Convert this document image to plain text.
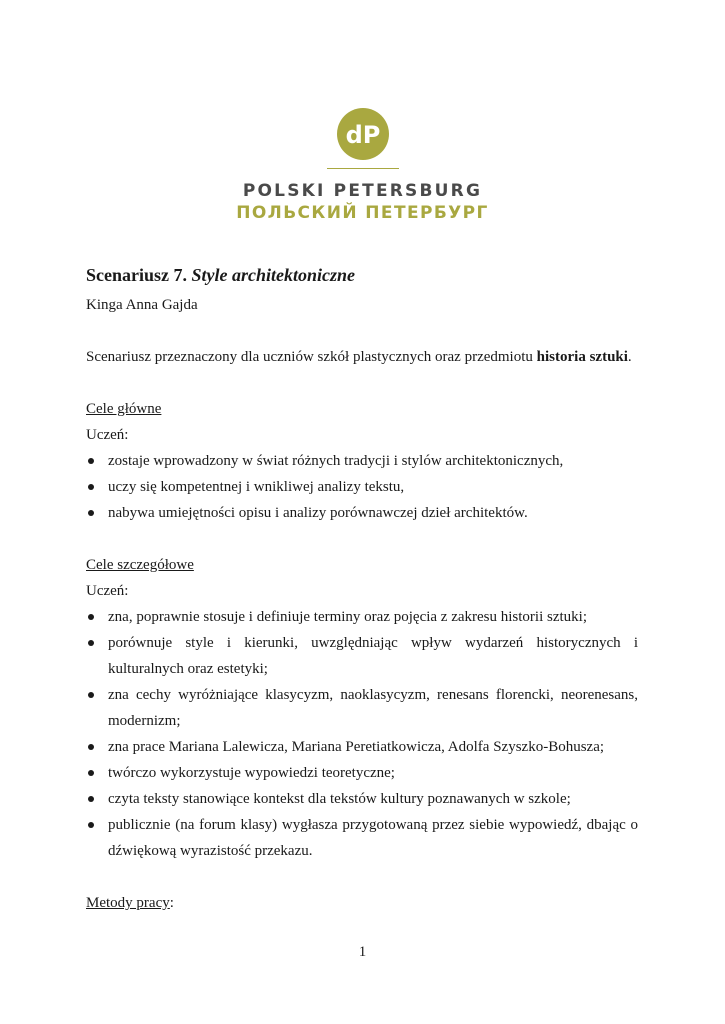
dP
POLSKI PETERSBURG
ПОЛЬСКИЙ ПЕТЕРБУРГ
Scenariusz 7. Style architektoniczne

Kinga Anna Gajda

Scenariusz przeznaczony dla uczniów szkół plastycznych oraz przedmiotu historia sztuki.

Cele główne

Uczeń:

zostaje wprowadzony w świat różnych tradycji i stylów architektonicznych,
uczy się kompetentnej i wnikliwej analizy tekstu,
nabywa umiejętności opisu i analizy porównawczej dzieł architektów.

Cele szczegółowe

Uczeń:

zna, poprawnie stosuje i definiuje terminy oraz pojęcia z zakresu historii sztuki;
porównuje style i kierunki, uwzględniając wpływ wydarzeń historycznych i kulturalnych oraz estetyki;
zna cechy wyróżniające klasycyzm, naoklasycyzm, renesans florencki, neorenesans, modernizm;
zna prace Mariana Lalewicza, Mariana Peretiatkowicza, Adolfa Szyszko-Bohusza;
twórczo wykorzystuje wypowiedzi teoretyczne;
czyta teksty stanowiące kontekst dla tekstów kultury poznawanych w szkole;
publicznie (na forum klasy) wygłasza przygotowaną przez siebie wypowiedź, dbając o dźwiękową wyrazistość przekazu.

Metody pracy:

1
